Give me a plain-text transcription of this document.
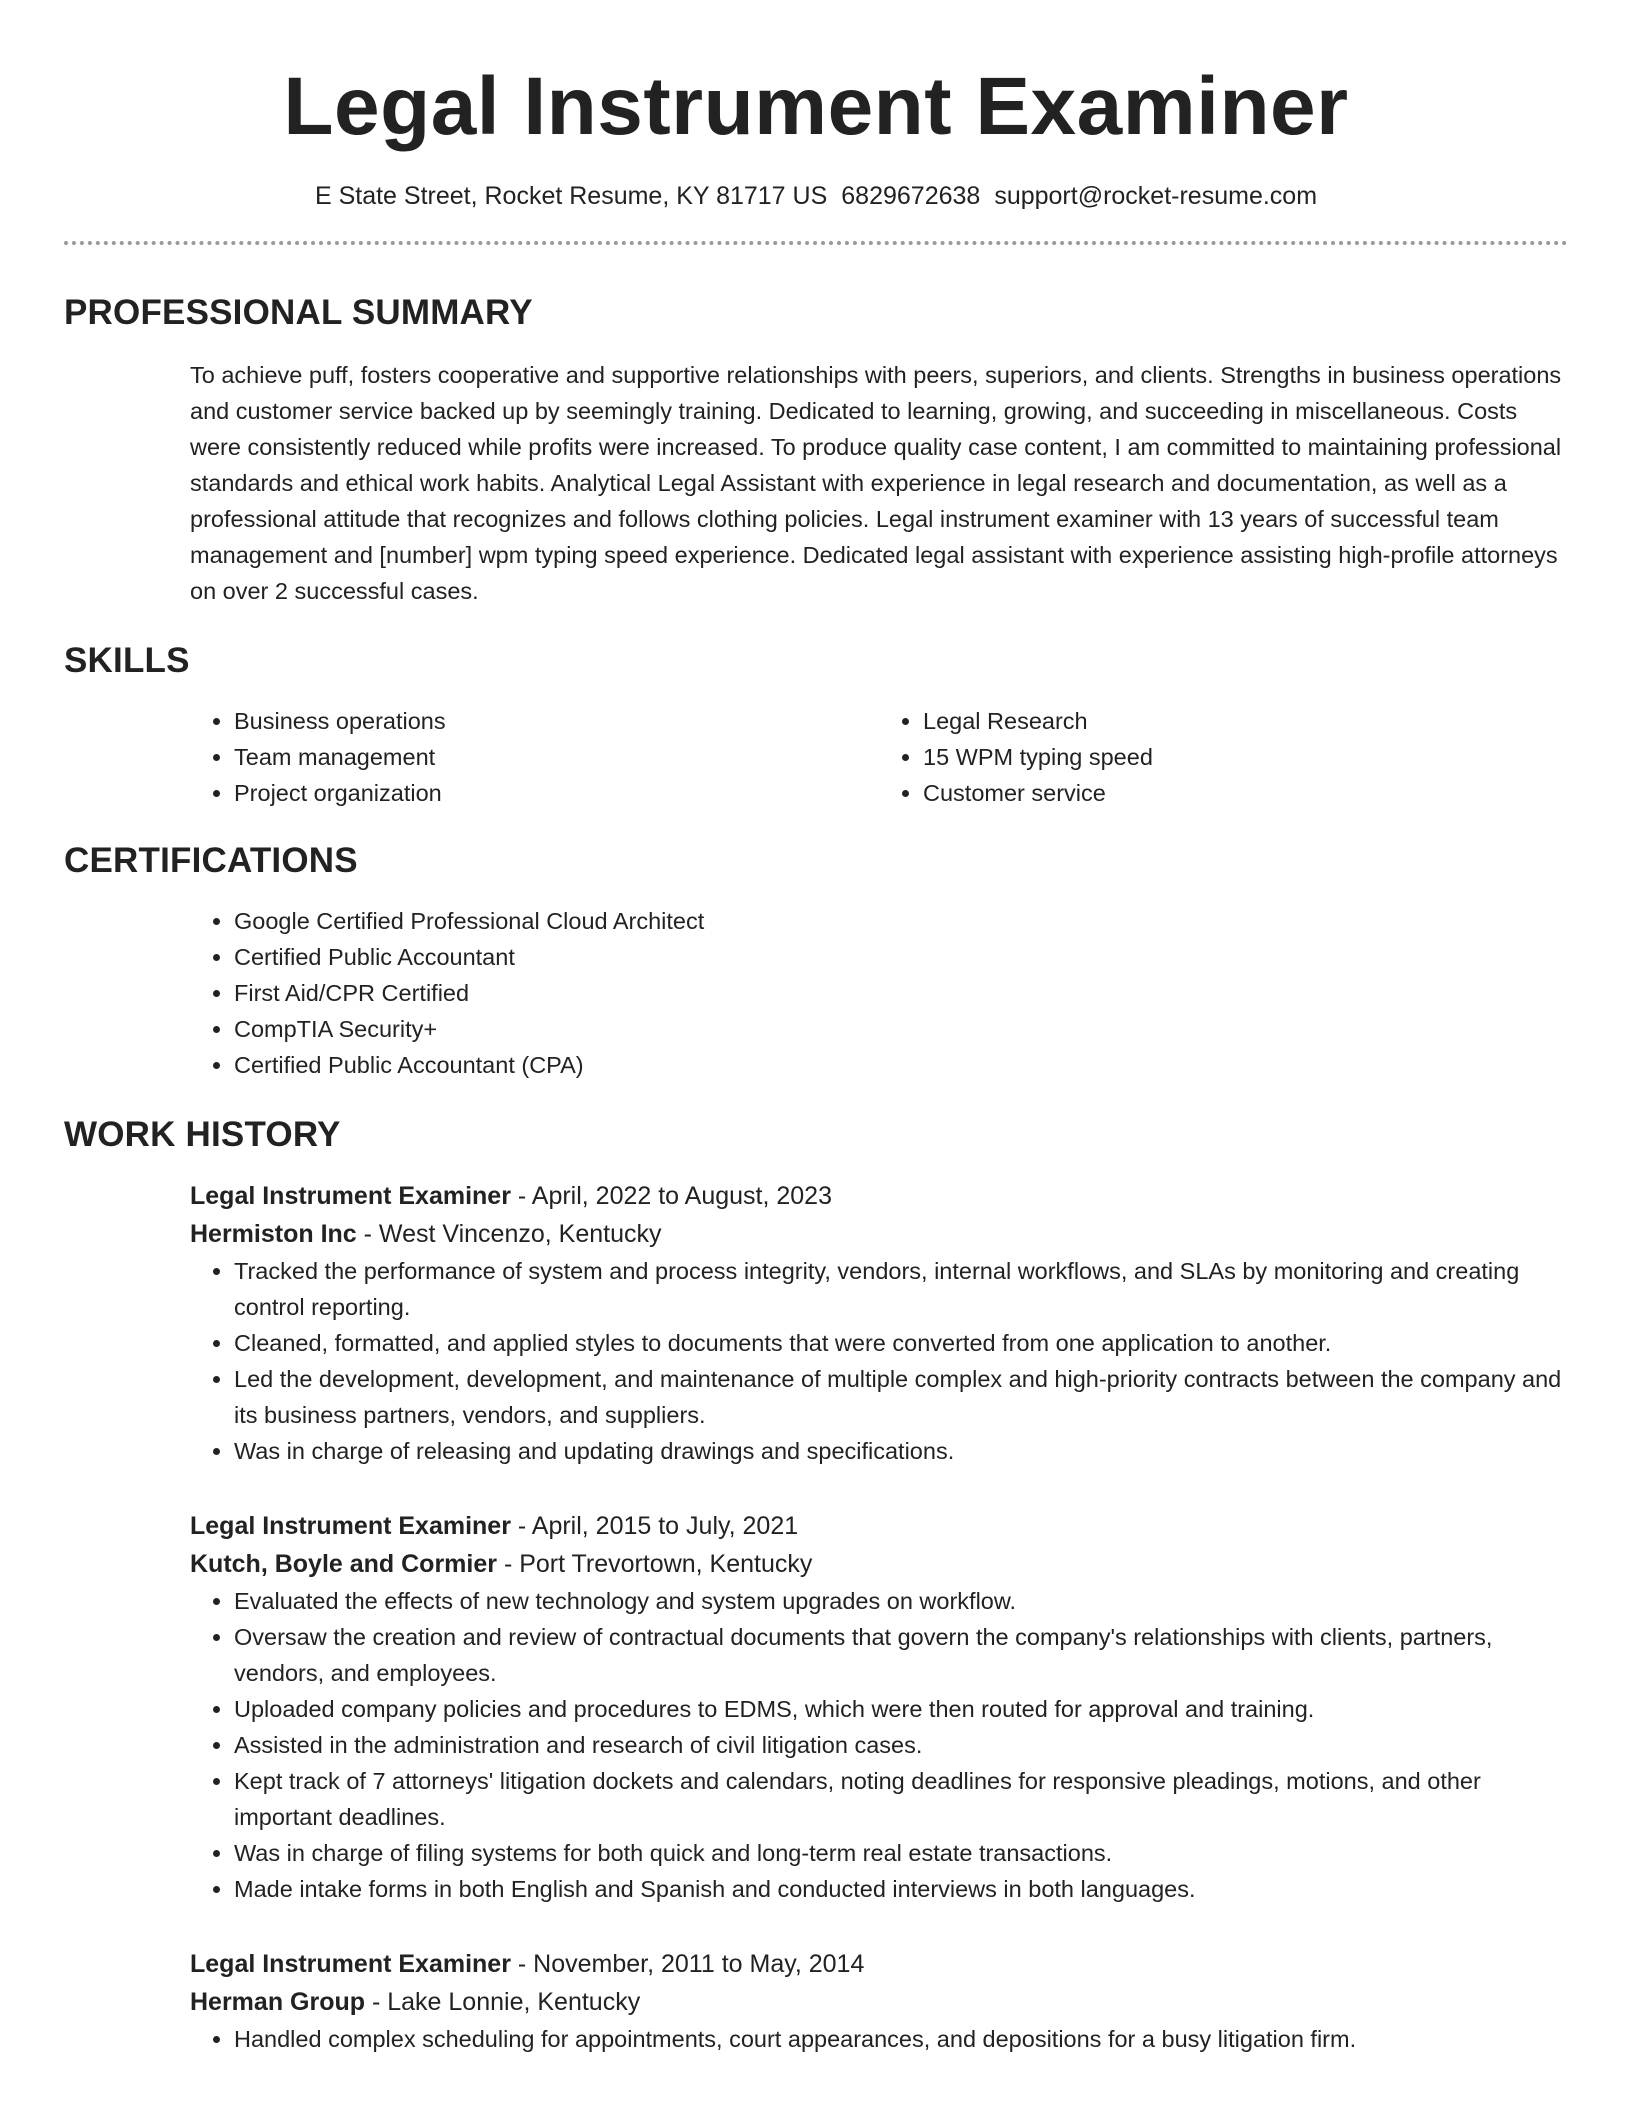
Legal Instrument Examiner
E State Street, Rocket Resume, KY 81717 US 6829672638 support@rocket-resume.com
PROFESSIONAL SUMMARY
To achieve puff, fosters cooperative and supportive relationships with peers, superiors, and clients. Strengths in business operations and customer service backed up by seemingly training. Dedicated to learning, growing, and succeeding in miscellaneous. Costs were consistently reduced while profits were increased. To produce quality case content, I am committed to maintaining professional standards and ethical work habits. Analytical Legal Assistant with experience in legal research and documentation, as well as a professional attitude that recognizes and follows clothing policies. Legal instrument examiner with 13 years of successful team management and [number] wpm typing speed experience. Dedicated legal assistant with experience assisting high-profile attorneys on over 2 successful cases.
SKILLS
• Business operations
• Team management
• Project organization
• Legal Research
• 15 WPM typing speed
• Customer service
CERTIFICATIONS
• Google Certified Professional Cloud Architect
• Certified Public Accountant
• First Aid/CPR Certified
• CompTIA Security+
• Certified Public Accountant (CPA)
WORK HISTORY
Legal Instrument Examiner - April, 2022 to August, 2023
Hermiston Inc - West Vincenzo, Kentucky
• Tracked the performance of system and process integrity, vendors, internal workflows, and SLAs by monitoring and creating control reporting.
• Cleaned, formatted, and applied styles to documents that were converted from one application to another.
• Led the development, development, and maintenance of multiple complex and high-priority contracts between the company and its business partners, vendors, and suppliers.
• Was in charge of releasing and updating drawings and specifications.
Legal Instrument Examiner - April, 2015 to July, 2021
Kutch, Boyle and Cormier - Port Trevortown, Kentucky
• Evaluated the effects of new technology and system upgrades on workflow.
• Oversaw the creation and review of contractual documents that govern the company's relationships with clients, partners, vendors, and employees.
• Uploaded company policies and procedures to EDMS, which were then routed for approval and training.
• Assisted in the administration and research of civil litigation cases.
• Kept track of 7 attorneys' litigation dockets and calendars, noting deadlines for responsive pleadings, motions, and other important deadlines.
• Was in charge of filing systems for both quick and long-term real estate transactions.
• Made intake forms in both English and Spanish and conducted interviews in both languages.
Legal Instrument Examiner - November, 2011 to May, 2014
Herman Group - Lake Lonnie, Kentucky
• Handled complex scheduling for appointments, court appearances, and depositions for a busy litigation firm.
